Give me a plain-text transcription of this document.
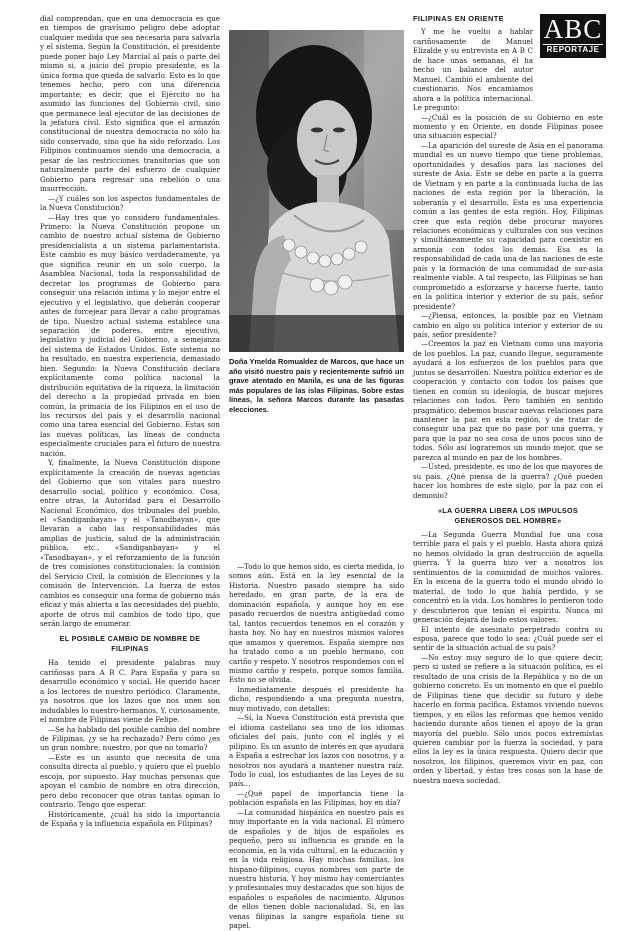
dial comprendan, que en una democracia es que en tiempos de gravísimo peligro debe adoptar cualquier medida que sea necesaria para salvarla y el sistema. Según la Constitución, el presidente puede poner bajo Ley Marcial al país o parte del mismo si, a juicio del propio presidente, es la única forma que queda de salvarlo. Esto es lo que tenemos hecho, pero con una diferencia importante; es decir, que el Ejército no ha asumido las funciones del Gobierno civil, sino que permanece leal ejecutor de las decisiones de la jefatura civil. Esto significa que el armazón constitucional de nuestra democracia no sólo ha sido conservado, sino que ha sido reforzado. Los Filipinos continuamos siendo una democracia, a pesar de las restricciones transitorias que son naturalmente parte del esfuerzo de cualquier Gobierno para regresar una rebelión o una insurrección.

—¿Y cuáles son los aspectos fundamentales de la Nueva Constitución?

—Hay tres que yo considero fundamentales. Primero: la Nueva Constitución propone un cambio de nuestro actual sistema de Gobierno presidencialista a un sistema parlamentarista. Este cambio es muy básico verdaderamente, ya que significa reunir en un solo cuerpo, la Asamblea Nacional, toda la responsabilidad de decretar los programas de Gobierno para conseguir una relación íntima y lo mejor entre el ejecutivo y el legislativo, que deberán cooperar antes de forcejear para llevar a cabo programas de tipo. Nuestro actual sistema establece una separación de poderes, entre ejecutivo, legislativo y judicial del Gobierno, a semejanza del sistema de Estados Unidos. Este sistema no ha resultado, en nuestra experiencia, demasiado bien. Segundo: la Nueva Constitución declara explícitamente como política nacional la distribución equitativa de la riqueza, la limitación del derecho a la propiedad privada en bien común, la primacía de los Filipinos en el uso de los recursos del país y el desarrollo nacional como una tarea esencial del Gobierno. Estas son las nuevas políticas, las líneas de conducta especialmente cruciales para el futuro de nuestra nación.

Y, finalmente, la Nueva Constitución dispone explícitamente la creación de nuevas agencias del Gobierno que son vitales para nuestro desarrollo social, político y económico. Cosa, entre otras, la Autoridad para el Desarrollo Nacional Económico, dos tribunales del pueblo, el «Sandiganbayan» y el «Tanodbayan», que llevarán a cabo las responsabilidades más amplias de justicia, salud de la administración pública, etc., «Sandiganbayan» y el «Tanodbayan», y el reforzamiento de la función de tres comisiones constitucionales: la comisión del Servicio Civil, la comisión de Elecciones y la comisión de Intervención. La fuerza de estos cambios es conseguir una forma de gobierno más eficaz y más abierta a las necesidades del pueblo, aporte de otros mil cambios de todo tipo, que serán largo de enumerar.

EL POSIBLE CAMBIO DE NOMBRE DE FILIPINAS

Ha tenido el presidente palabras muy cariñosas para A B C. Para España y para su desarrollo económico y social. He querido hacer a los lectores de nuestro periódico. Claramente, ya nosotros que los lazos que nos unen son indudables lo nuestro-hermanos. Y, curiosamente, el nombre de Filipinas viene de Felipe.

—Se ha hablado del posible cambio del nombre de Filipinas, ¿y se ha rechazado? Pero cómo ¿es un gran nombre, nuestro, por que no tomarlo?

—Este es un asunto que necesita de una consulta directa al pueblo, y quiero que el pueblo escoja, por supuesto. Hay muchas personas que apoyan el cambio de nombre en otra dirección, pero debo reconocer que otras tantas opinan lo contrario. Tengo que esperar.

Históricamente, ¿cuál ha sido la importancia de España y la influencia española en Filipinas?

Doña Ymelda Romualdez de Marcos, que hace un año visitó nuestro país y recientemente sufrió un grave atentado en Manila, es una de las figuras más populares de las islas Filipinas. Sobre estas líneas, la señora Marcos durante las pasadas elecciones.

—Todo lo que hemos sido, es cierta medida, lo somos aún. Está en la ley esencial de la Historia. Nuestro pasado siempre ha sido heredado, en gran parte, de la era de dominación española, y aunque hoy en ese pasado recuerdos de nuestra antigüedad como tal, tantos recuerdos tenemos en el corazón y hasta hoy. No hay en nuestros mismos valores que amamos y queremos. España siempre nos ha tratado como a un pueblo hermano, con cariño y respeto. Y nosotros respondemos con el mismo cariño y respeto, porque somos familia. Esto no se olvida.

Inmediatamente después el presidente ha dicho, respondiendo a una pregunta nuestra, muy motivado, con detalles:

—Sí, la Nueva Constitución está prevista que el idioma castellano sea uno de los idiomas oficiales del país, junto con el inglés y el pilipino. Es un asunto de interés en que ayudará a España a estrechar los lazos con nosotros, y a nosotros nos ayudará a mantener nuestra raíz. Todo lo cual, los estudiantes de las Leyes de su país...

—¿Qué papel de importancia tiene la población española en las Filipinas, hoy en día?

—La comunidad hispánica en nuestro país es muy importante en la vida nacional. El número de españoles y de hijos de españoles es pequeño, pero su influencia es grande en la economía, en la vida cultural, en la educación y en la vida religiosa. Hay muchas familias, los hispano-filipinos, cuyos nombres son parte de nuestra historia. Y hoy mismo hay comerciantes y profesionales muy destacados que son hijos de españoles o españoles de nacimiento. Algunos de ellos tienen doble nacionalidad. Si, en las venas filipinas la sangre española tiene su papel.

ABC
REPORTAJE
FILIPINAS EN ORIENTE

Y me he vuelto a hablar cariñosamente de Manuel Elizalde y su entrevista en A B C de hace unas semanas, él ha hecho un balance del autor Manuel. Cambió el ambiente del cuestionario. Nos encamiamos ahora a la política internacional. Le pregunto:

—¿Cuál es la posición de su Gobierno en este momento y en Oriente, en donde Filipinas posee una situación especial?

—La aparición del sureste de Asia en el panorama mundial es un nuevo tiempo que tiene problemas, oportunidades y desafíos para las naciones del sureste de Asia. Este se debe en parte a la guerra de Vietnam y en parte a la continuada lucha de las naciones de esta región por la liberación, la soberanía y el desarrollo. Esta es una experiencia común a las gentes de esta región. Hoy, Filipinas cree que esta región debe procurar mayores relaciones económicas y culturales con sus vecinos y simultáneamente su capacidad para coexistir en armonía con todos los demás. Esa es la responsabilidad de cada una de las naciones de este país y la formación de una comunidad de sur-asia realmente viable. A tal respecto, las Filipinas se han comprometido a esforzarse y hacerse fuerte, tanto en la política interior y exterior de su país, señor presidente?

—¿Piensa, entonces, la posible paz en Vietnam cambio en algo su política interior y exterior de su país, señor presidente?

—Creemos la paz en Vietnam como una mayoría de los pueblos. La paz, cuando llegue, seguramente ayudará a los esfuerzos de los pueblos para que juntos se desarrollen. Nuestra política exterior es de cooperación y contacto con todos los países que tienen en común su ideología, de buscar mejores relaciones con todos. Pero también en sentido pragmático, debemos buscar nuevas relaciones para mantener la paz en esta región, y de tratar de conseguir una paz que no pase por una guerra, y para que la paz no sea cosa de unos pocos sino de todos. Sólo así lograremos un mundo mejor, que se parezca al mundo en paz de los hombres.

—Usted, presidente, es uno de los que mayores de su país. ¿Qué piensa de la guerra? ¿Qué pueden hacer los hombres de este siglo, por la paz con el demonio?

«LA GUERRA LIBERA LOS IMPULSOS GENEROSOS DEL HOMBRE»

—La Segunda Guerra Mundial fue una cosa terrible para el país y el pueblo. Hasta ahora quizá no hemos olvidado la gran destrucción de aquella guerra. Y la guerra hizo ver a nosotros los sentimientos de la comunidad de muchos valores. En la escena de la guerra todo el mundo olvidó lo material, de todo lo que había perdido, y se concentró en la vida. Los hombres lo perdieron todo y descubrieron que tenían el espíritu. Nunca mi generación dejará de lado estos valores.

El intento de asesinato perpetrado contra su esposa, parece que todo lo sea: ¿Cuál puede ser el sentir de la situación actual de su país?

—No estoy muy seguro de lo que quiere decir, pero si usted se refiere a la situación política, es el resultado de una crisis de la República y no de un gobierno concreto. Es un momento en que el pueblo de Filipinas tiene que decidir su futuro y debe hacerlo en forma pacífica. Estamos viviendo nuevos tiempos, y en ellos las reformas que hemos venido haciendo durante años tienen el apoyo de la gran mayoría del pueblo. Sólo unos pocos extremistas quieren cambiar por la fuerza la sociedad, y para ellos la ley es la única respuesta. Quiero decir que nosotros, los filipinos, queremos vivir en paz, con orden y libertad, y éstas tres cosas son la base de nuestra nueva sociedad.
